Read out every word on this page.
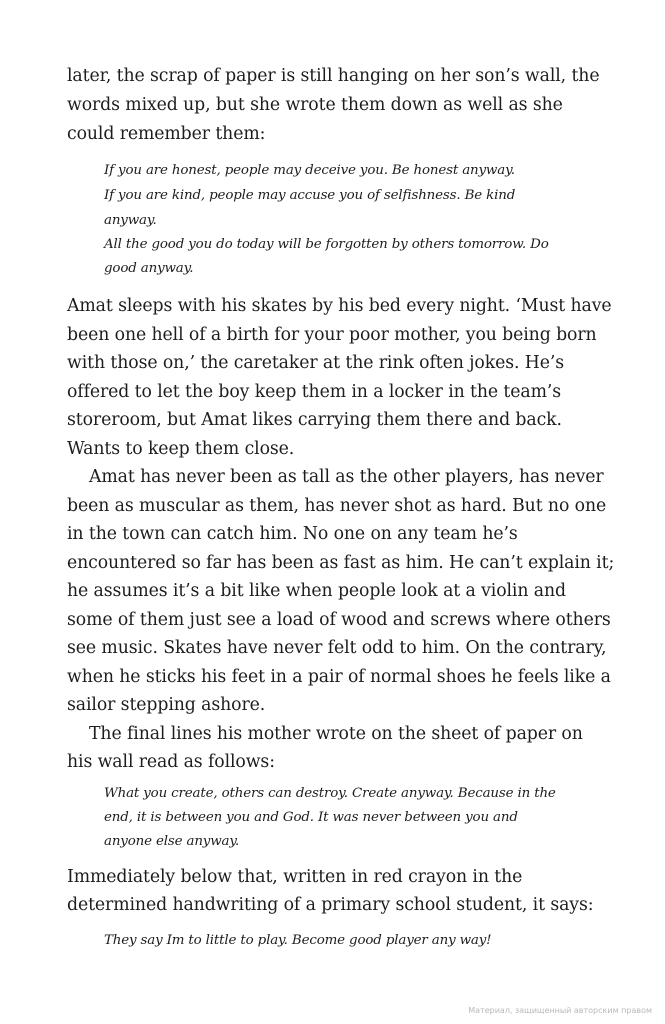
later, the scrap of paper is still hanging on her son’s wall, the
words mixed up, but she wrote them down as well as she
could remember them:
If you are honest, people may deceive you. Be honest anyway.
If you are kind, people may accuse you of selfishness. Be kind
anyway.
All the good you do today will be forgotten by others tomorrow. Do
good anyway.
Amat sleeps with his skates by his bed every night. ‘Must have
been one hell of a birth for your poor mother, you being born
with those on,’ the caretaker at the rink often jokes. He’s
offered to let the boy keep them in a locker in the team’s
storeroom, but Amat likes carrying them there and back.
Wants to keep them close.
Amat has never been as tall as the other players, has never
been as muscular as them, has never shot as hard. But no one
in the town can catch him. No one on any team he’s
encountered so far has been as fast as him. He can’t explain it;
he assumes it’s a bit like when people look at a violin and
some of them just see a load of wood and screws where others
see music. Skates have never felt odd to him. On the contrary,
when he sticks his feet in a pair of normal shoes he feels like a
sailor stepping ashore.
The final lines his mother wrote on the sheet of paper on
his wall read as follows:
What you create, others can destroy. Create anyway. Because in the
end, it is between you and God. It was never between you and
anyone else anyway.
Immediately below that, written in red crayon in the
determined handwriting of a primary school student, it says:
They say Im to little to play. Become good player any way!
Материал, защищенный авторским правом
